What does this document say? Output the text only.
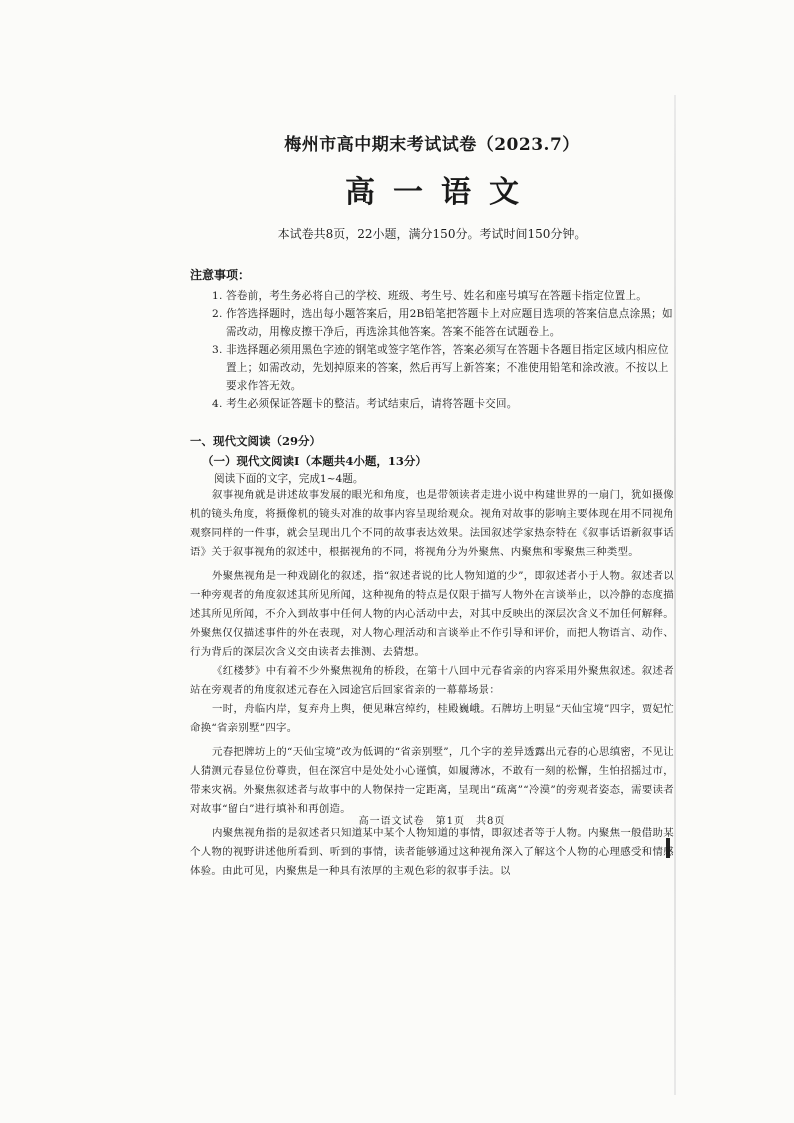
梅州市高中期末考试试卷（2023.7）
高一语文
本试卷共8页，22小题，满分150分。考试时间150分钟。
注意事项：
1. 答卷前，考生务必将自己的学校、班级、考生号、姓名和座号填写在答题卡指定位置上。
2. 作答选择题时，选出每小题答案后，用2B铅笔把答题卡上对应题目选项的答案信息点涂黑；如需改动，用橡皮擦干净后，再选涂其他答案。答案不能答在试题卷上。
3. 非选择题必须用黑色字迹的钢笔或签字笔作答，答案必须写在答题卡各题目指定区域内相应位置上；如需改动，先划掉原来的答案，然后再写上新答案；不准使用铅笔和涂改液。不按以上要求作答无效。
4. 考生必须保证答题卡的整洁。考试结束后，请将答题卡交回。
一、现代文阅读（29分）
（一）现代文阅读Ⅰ（本题共4小题，13分）
阅读下面的文字，完成1~4题。

叙事视角就是讲述故事发展的眼光和角度，也是带领读者走进小说中构建世界的一扇门，犹如摄像机的镜头角度，将摄像机的镜头对准的故事内容呈现给观众。视角对故事的影响主要体现在用不同视角观察同样的一件事，就会呈现出几个不同的故事表达效果。法国叙述学家热奈特在《叙事话语新叙事话语》关于叙事视角的叙述中，根据视角的不同，将视角分为外聚焦、内聚焦和零聚焦三种类型。

外聚焦视角是一种戏剧化的叙述，指“叙述者说的比人物知道的少”，即叙述者小于人物。叙述者以一种旁观者的角度叙述其所见所闻，这种视角的特点是仅限于描写人物外在言谈举止，以冷静的态度描述其所见所闻，不介入到故事中任何人物的内心活动中去，对其中反映出的深层次含义不加任何解释。外聚焦仅仅描述事件的外在表现，对人物心理活动和言谈举止不作引导和评价，而把人物语言、动作、行为背后的深层次含义交由读者去推测、去猜想。

《红楼梦》中有着不少外聚焦视角的桥段，在第十八回中元春省亲的内容采用外聚焦叙述。叙述者站在旁观者的角度叙述元春在入园途宫后回家省亲的一幕幕场景：

一时，舟临内岸，复弃舟上舆，便见琳宫绰约，桂殿巍峨。石牌坊上明显“天仙宝境”四字，贾妃忙命换“省亲别墅”四字。

元春把牌坊上的“天仙宝境”改为低调的“省亲别墅”，几个字的差异透露出元春的心思缜密，不见让人猜测元春显位份尊贵，但在深宫中是处处小心谨慎，如履薄冰，不敢有一刻的松懈，生怕招摇过市，带来灾祸。外聚焦叙述者与故事中的人物保持一定距离，呈现出“疏离”“冷漠”的旁观者姿态，需要读者对故事“留白”进行填补和再创造。

内聚焦视角指的是叙述者只知道某中某个人物知道的事情，即叙述者等于人物。内聚焦一般借助某个人物的视野讲述他所看到、听到的事情，读者能够通过这种视角深入了解这个人物的心理感受和情感体验。由此可见，内聚焦是一种具有浓厚的主观色彩的叙事手法。以

高一语文试卷　第1页　共8页
